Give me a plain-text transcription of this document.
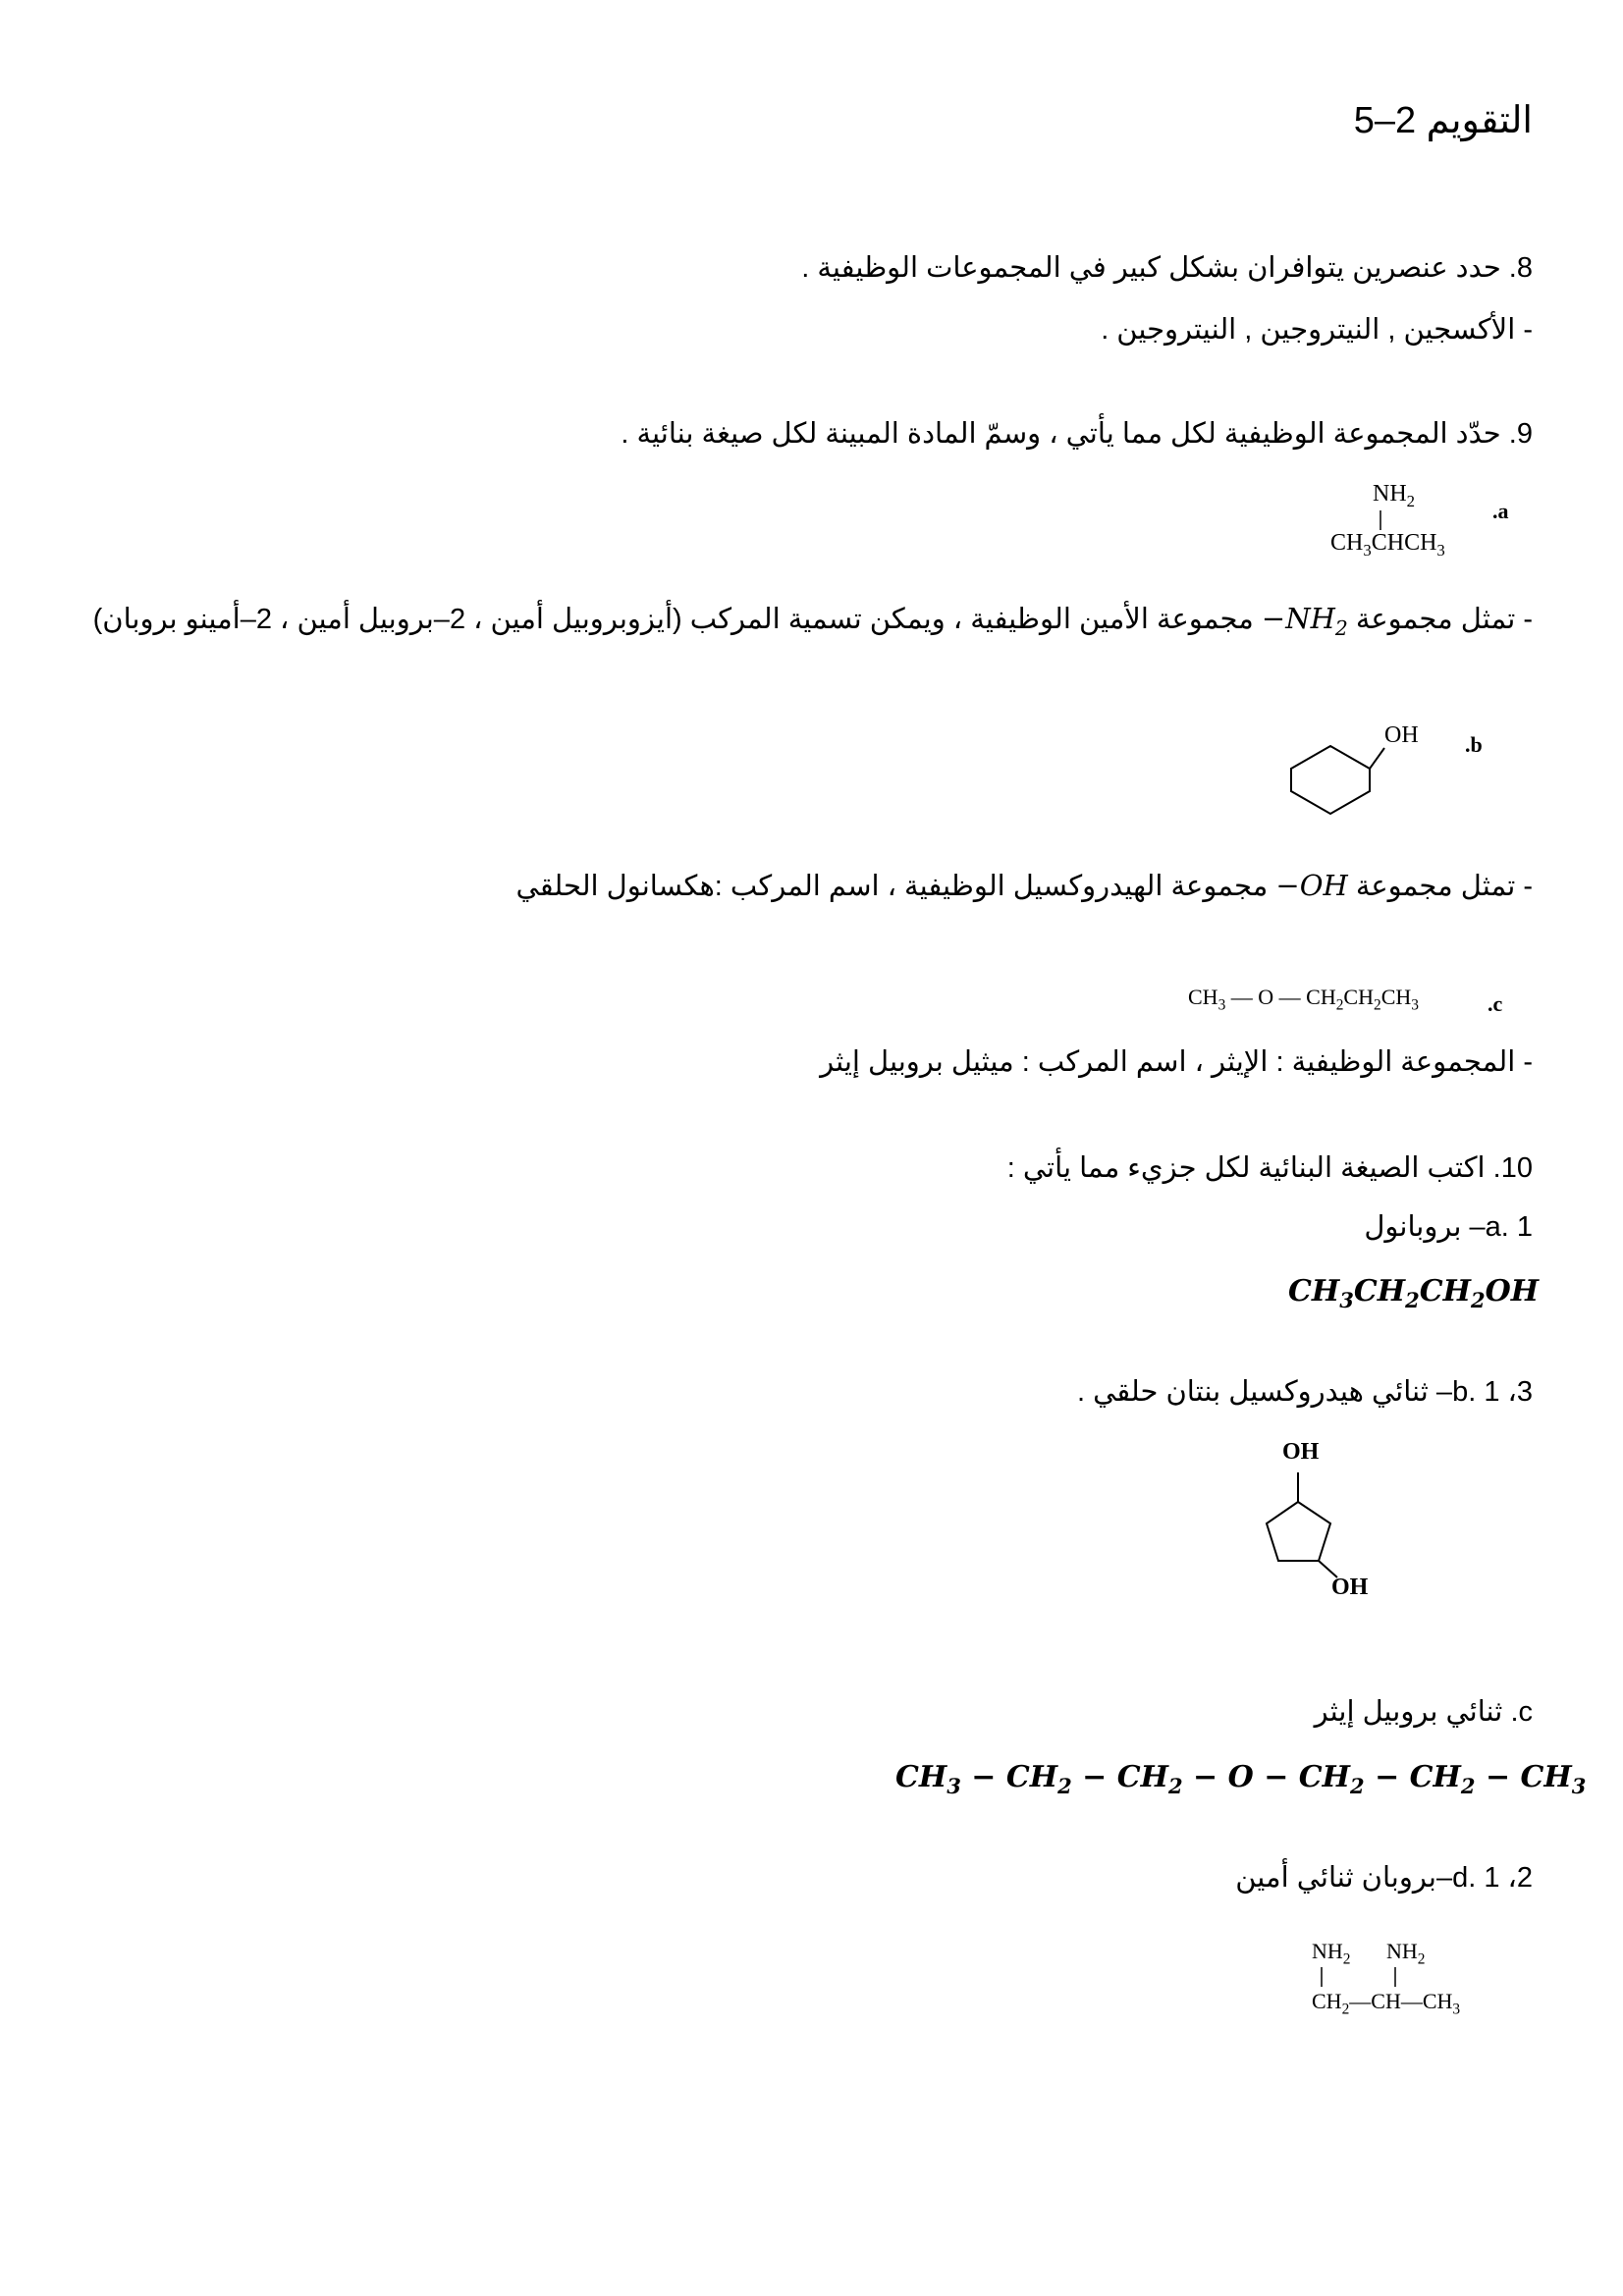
التقويم 2–5
8. حدد عنصرين يتوافران بشكل كبير في المجموعات الوظيفية .
- الأكسجين , النيتروجين , النيتروجين .
9. حدّد المجموعة الوظيفية لكل مما يأتي ، وسمّ المادة المبينة لكل صيغة بنائية .
.a
$NH_2$
$CH_3CHCH_3$
- تمثل مجموعة $NH_2-$ مجموعة الأمين الوظيفية ، ويمكن تسمية المركب (أيزوبروبيل أمين ، 2–بروبيل أمين ، 2–أمينو بروبان)
.b
OH
- تمثل مجموعة OH− مجموعة الهيدروكسيل الوظيفية ، اسم المركب :هكسانول الحلقي
.c
$CH_3$ — O — $CH_2CH_2CH_3$
- المجموعة الوظيفية : الإيثر ، اسم المركب : ميثيل بروبيل إيثر
10. اكتب الصيغة البنائية لكل جزيء مما يأتي :
a. 1– بروبانول
$CH_3CH_2CH_2OH$
b. 1 ،3– ثنائي هيدروكسيل بنتان حلقي .
OH
OH
c. ثنائي بروبيل إيثر
$CH_3 - CH_2 - CH_2 - O - CH_2 - CH_2 - CH_3$
d. 1 ،2–بروبان ثنائي أمين
$NH_2$ $NH_2$
$CH_2—CH—CH_3$
